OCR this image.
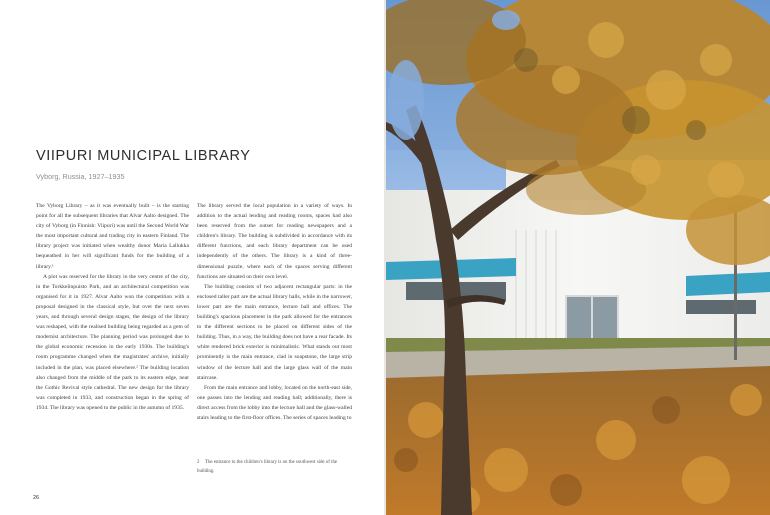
VIIPURI MUNICIPAL LIBRARY
Vyborg, Russia, 1927–1935

The Vyborg Library – as it was eventually built – is the starting point for all the subsequent libraries that Alvar Aalto designed. The city of Vyborg (in Finnish: Viipuri) was until the Second World War the most important cultural and trading city in eastern Finland. The library project was initiated when wealthy donor Maria Lallukka bequeathed in her will significant funds for the building of a library.¹

A plot was reserved for the library in the very centre of the city, in the Torkkelinpuisto Park, and an architectural competition was organised for it in 1927. Alvar Aalto won the competition with a proposal designed in the classical style, but over the next seven years, and through several design stages, the design of the library was reshaped, with the realised building being regarded as a gem of modernist architecture. The planning period was prolonged due to the global economic recession in the early 1930s. The building's room programme changed when the magistrates' archive, initially included in the plan, was placed elsewhere.² The building location also changed from the middle of the park to its eastern edge, near the Gothic Revival style cathedral. The new design for the library was completed in 1933, and construction began in the spring of 1934. The library was opened to the public in the autumn of 1935.

The library served the local population in a variety of ways. In addition to the actual lending and reading rooms, spaces had also been reserved from the outset for reading newspapers and a children's library. The building is subdivided in accordance with its different functions, and each library department can be used independently of the others. The library is a kind of three-dimensional puzzle, where each of the spaces serving different functions are situated on their own level.

The building consists of two adjacent rectangular parts: in the enclosed taller part are the actual library halls, while in the narrower, lower part are the main entrance, lecture hall and offices. The building's spacious placement in the park allowed for the entrances to the different sections to be placed on different sides of the building. Thus, in a way, the building does not have a rear facade. Its white rendered brick exterior is minimalistic. What stands out most prominently is the main entrance, clad in soapstone, the large strip window of the lecture hall and the large glass wall of the main staircase.

From the main entrance and lobby, located on the north-east side, one passes into the lending and reading hall; additionally, there is direct access from the lobby into the lecture hall and the glass-walled stairs leading to the first-floor offices. The series of spaces leading to

2 The entrance to the children's library is on the southwest side of the building.
26
